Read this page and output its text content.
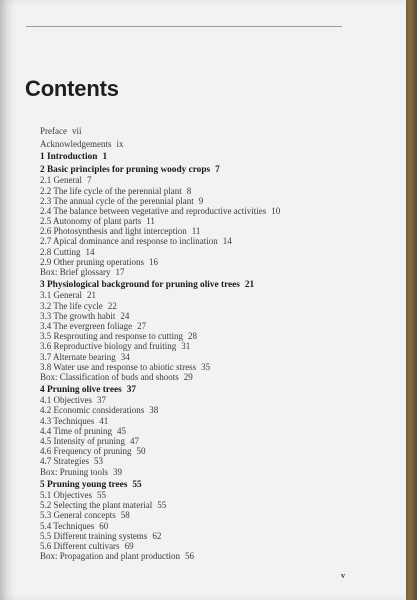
Contents
Preface vii
Acknowledgements ix
1 Introduction 1
2 Basic principles for pruning woody crops 7
2.1 General 7
2.2 The life cycle of the perennial plant 8
2.3 The annual cycle of the perennial plant 9
2.4 The balance between vegetative and reproductive activities 10
2.5 Autonomy of plant parts 11
2.6 Photosynthesis and light interception 11
2.7 Apical dominance and response to inclination 14
2.8 Cutting 14
2.9 Other pruning operations 16
Box: Brief glossary 17
3 Physiological background for pruning olive trees 21
3.1 General 21
3.2 The life cycle 22
3.3 The growth habit 24
3.4 The evergreen foliage 27
3.5 Resprouting and response to cutting 28
3.6 Reproductive biology and fruiting 31
3.7 Alternate bearing 34
3.8 Water use and response to abiotic stress 35
Box: Classification of buds and shoots 29
4 Pruning olive trees 37
4.1 Objectives 37
4.2 Economic considerations 38
4.3 Techniques 41
4.4 Time of pruning 45
4.5 Intensity of pruning 47
4.6 Frequency of pruning 50
4.7 Strategies 53
Box: Pruning tools 39
5 Pruning young trees 55
5.1 Objectives 55
5.2 Selecting the plant material 55
5.3 General concepts 58
5.4 Techniques 60
5.5 Different training systems 62
5.6 Different cultivars 69
Box: Propagation and plant production 56
v
